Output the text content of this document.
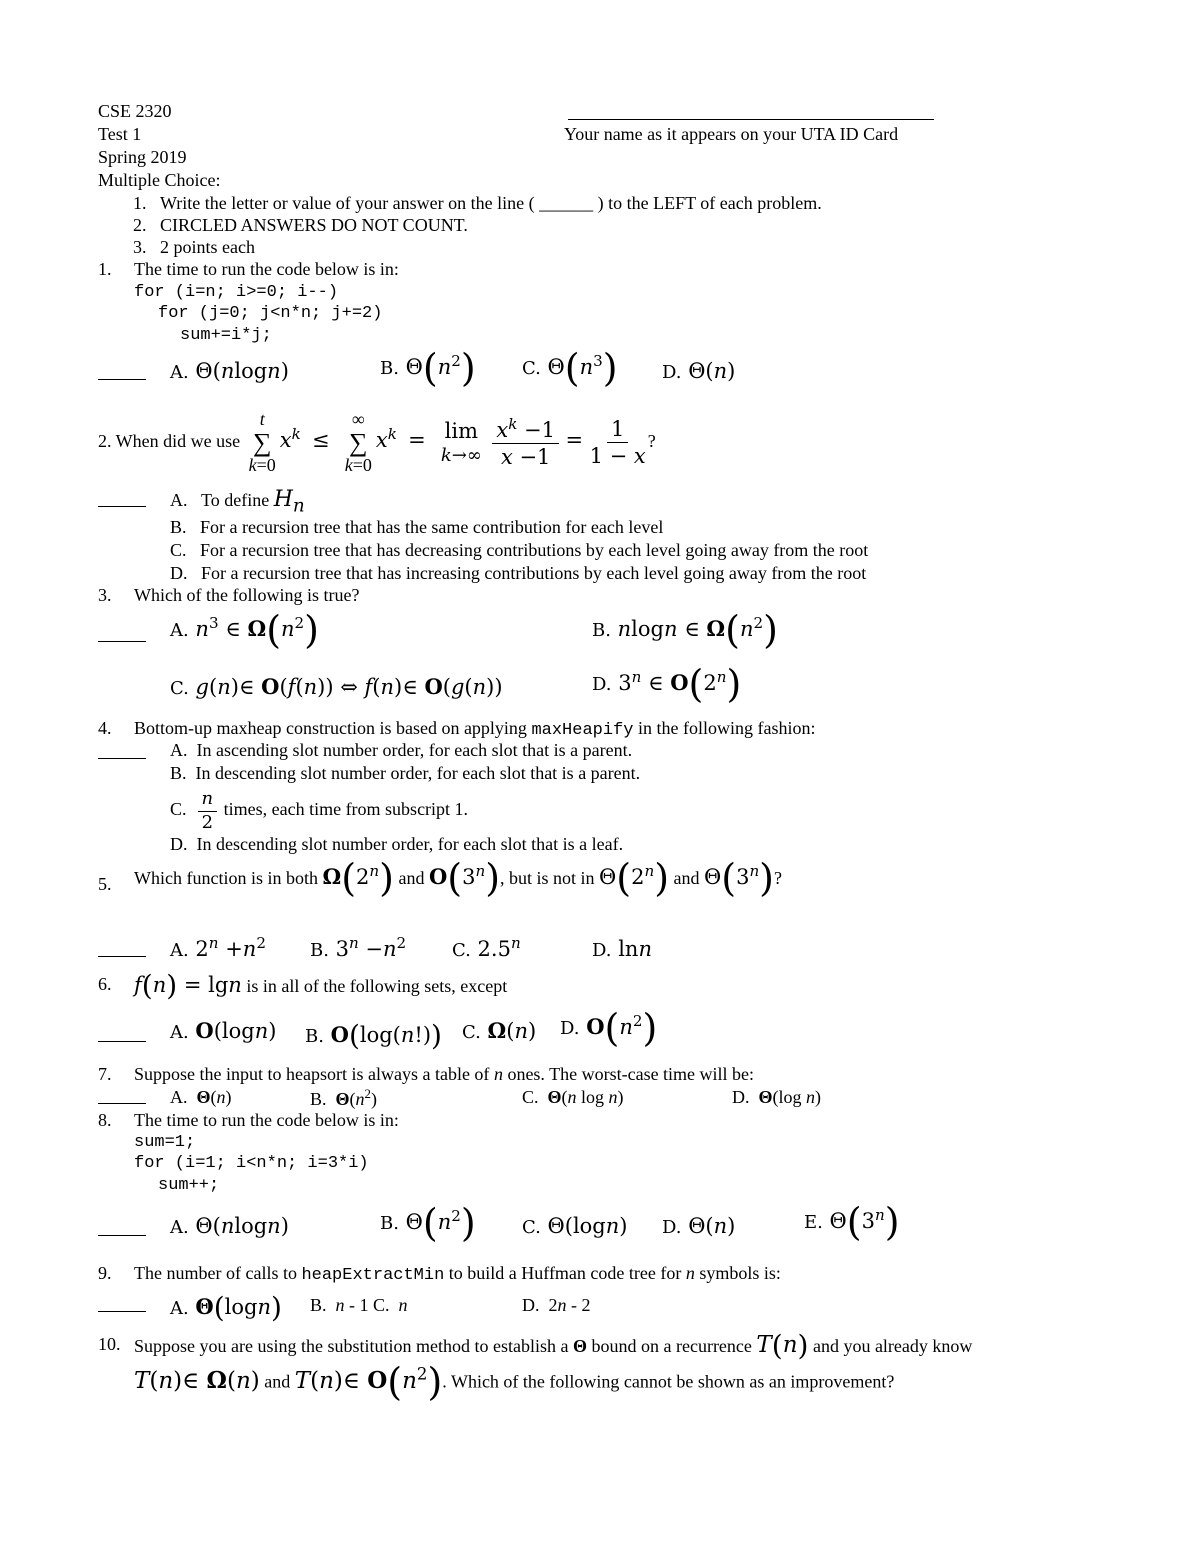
CSE 2320
Test 1
Spring 2019
Multiple Choice:
Your name as it appears on your UTA ID Card
1.   Write the letter or value of your answer on the line ( ______ ) to the LEFT of each problem.
2.   CIRCLED ANSWERS DO NOT COUNT.
3.   2 points each
1. The time to run the code below is in:
for (i=n; i>=0; i--)
for (j=0; j<n*n; j+=2)
sum+=i*j;
A. Θ(nlogn)	B. $\Theta(n^2)$	C. $\Theta(n^3)$ D. Θ(n)
2. When did we use
t
∑
k=0
$x^k$  ≤
∞
∑
k=0
$x^k = \lim$
k→∞
$\frac{x^k -1}{x -1} = \frac{1}{1 - x}$ ?
A.   To define $H_n$
B.   For a recursion tree that has the same contribution for each level
C.   For a recursion tree that has decreasing contributions by each level going away from the root
D.   For a recursion tree that has increasing contributions by each level going away from the root
3. Which of the following is true?
A. $n^3$ ∈ $\Omega(n^2)$	B. nlogn ∈ $\Omega(n^2)$
C. g(n)∈ O(f(n)) ⇔ f(n)∈ O(g(n))	D. 3$^n$ ∈ O(2$^n$)
4. Bottom-up maxheap construction is based on applying maxHeapify in the following fashion:
A.  In ascending slot number order, for each slot that is a parent.
B.  In descending slot number order, for each slot that is a parent.
C. $\frac{n}{2}$ times, each time from subscript 1.
D.  In descending slot number order, for each slot that is a leaf.
5. Which function is in both Ω(2$^n$) and O(3$^n$), but is not in Θ(2$^n$) and Θ(3$^n$)?
A. $2^n +n^2$ B. $3^n -n^2$	C. 2.5$^n$	D. lnn
6. f(n) = lgn is in all of the following sets, except
A. O(logn) B. O(log(n!)) C. Ω(n) D. $O(n^2)$
7. Suppose the input to heapsort is always a table of n ones. The worst-case time will be:
A.  Θ(n)	B.  $\Theta(n^2)$	C.  Θ(n log n)	D.  Θ(log n)
8. The time to run the code below is in:
sum=1;
for (i=1; i<n*n; i=3*i)
sum++;
A. Θ(nlogn)	B. $\Theta(n^2)$	C. Θ(logn) D. Θ(n)	E. Θ(3$^n$)
9. The number of calls to heapExtractMin to build a Huffman code tree for n symbols is:
A. Θ(logn) B.  n - 1 C.  n	D.  2n - 2
10. Suppose you are using the substitution method to establish a Θ bound on a recurrence T(n) and you already know
T(n)∈ Ω(n) and T(n)∈ $O(n^2)$. Which of the following cannot be shown as an improvement?
